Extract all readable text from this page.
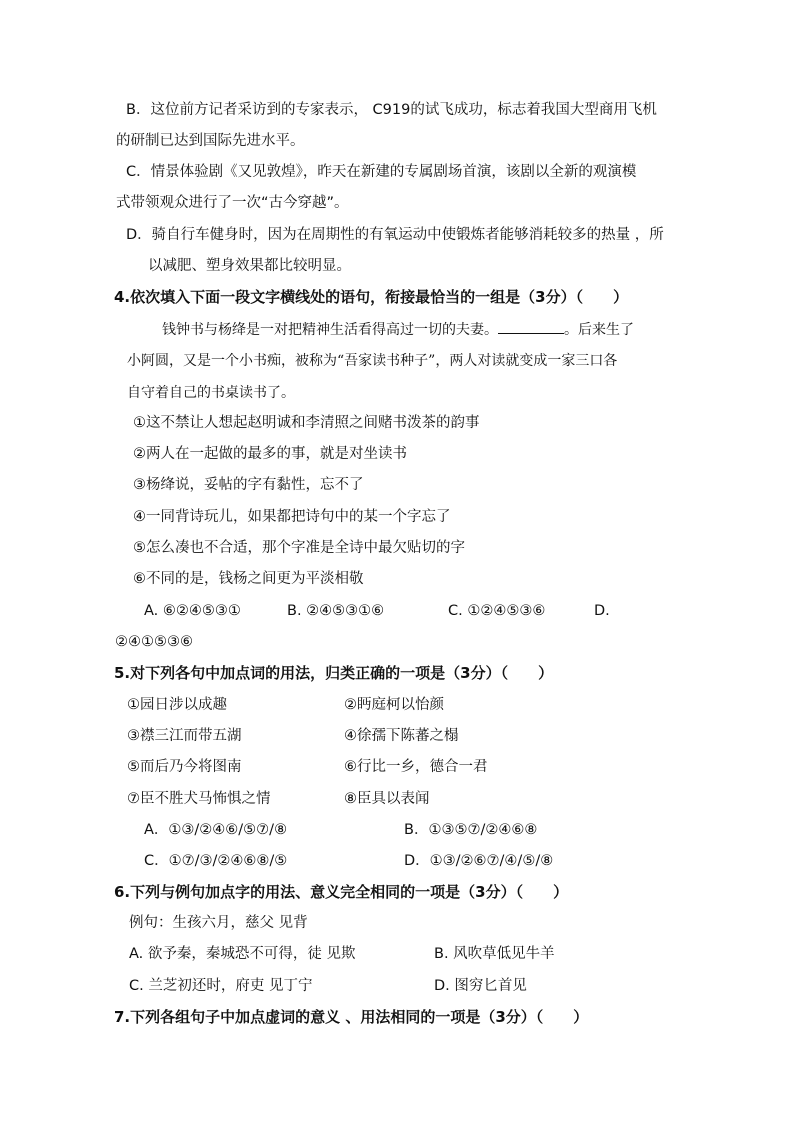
B．这位前方记者采访到的专家表示， C919的试飞成功，标志着我国大型商用飞机
的研制已达到国际先进水平。
C．情景体验剧《又见敦煌》，昨天在新建的专属剧场首演，该剧以全新的观演模
式带领观众进行了一次“古今穿越”。
D．骑自行车健身时，因为在周期性的有氧运动中使锻炼者能够消耗较多的热量 ，所
以减肥、塑身效果都比较明显。
4.依次填入下面一段文字横线处的语句，衔接最恰当的一组是（3分）（　　）
钱钟书与杨绛是一对把精神生活看得高过一切的夫妻。	。后来生了
小阿圆，又是一个小书痴，被称为“吾家读书种子”，两人对读就变成一家三口各
自守着自己的书桌读书了。
①这不禁让人想起赵明诚和李清照之间赌书泼茶的韵事
②两人在一起做的最多的事，就是对坐读书
③杨绛说，妥帖的字有黏性，忘不了
④一同背诗玩儿，如果都把诗句中的某一个字忘了
⑤怎么凑也不合适，那个字准是全诗中最欠贴切的字
⑥不同的是，钱杨之间更为平淡相敬
A. ⑥②④⑤③①	B. ②④⑤③①⑥	C. ①②④⑤③⑥	D.
②④①⑤③⑥
5.对下列各句中加点词的用法，归类正确的一项是（3分）（　　）
①园日涉以成趣	②眄庭柯以怡颜
③襟三江而带五湖	④徐孺下陈蕃之榻
⑤而后乃今将图南	⑥行比一乡，德合一君
⑦臣不胜犬马怖惧之情	⑧臣具以表闻
A．①③/②④⑥/⑤⑦/⑧	B．①③⑤⑦/②④⑥⑧
C．①⑦/③/②④⑥⑧/⑤	D．①③/②⑥⑦/④/⑤/⑧
6.下列与例句加点字的用法、意义完全相同的一项是（3分）（　　）
例句：生孩六月，慈父 见背
A. 欲予秦，秦城恐不可得，徒 见欺	B. 风吹草低见牛羊
C. 兰芝初还时，府吏 见丁宁	D. 图穷匕首见
7.下列各组句子中加点虚词的意义 、用法相同的一项是（3分）（　　）
